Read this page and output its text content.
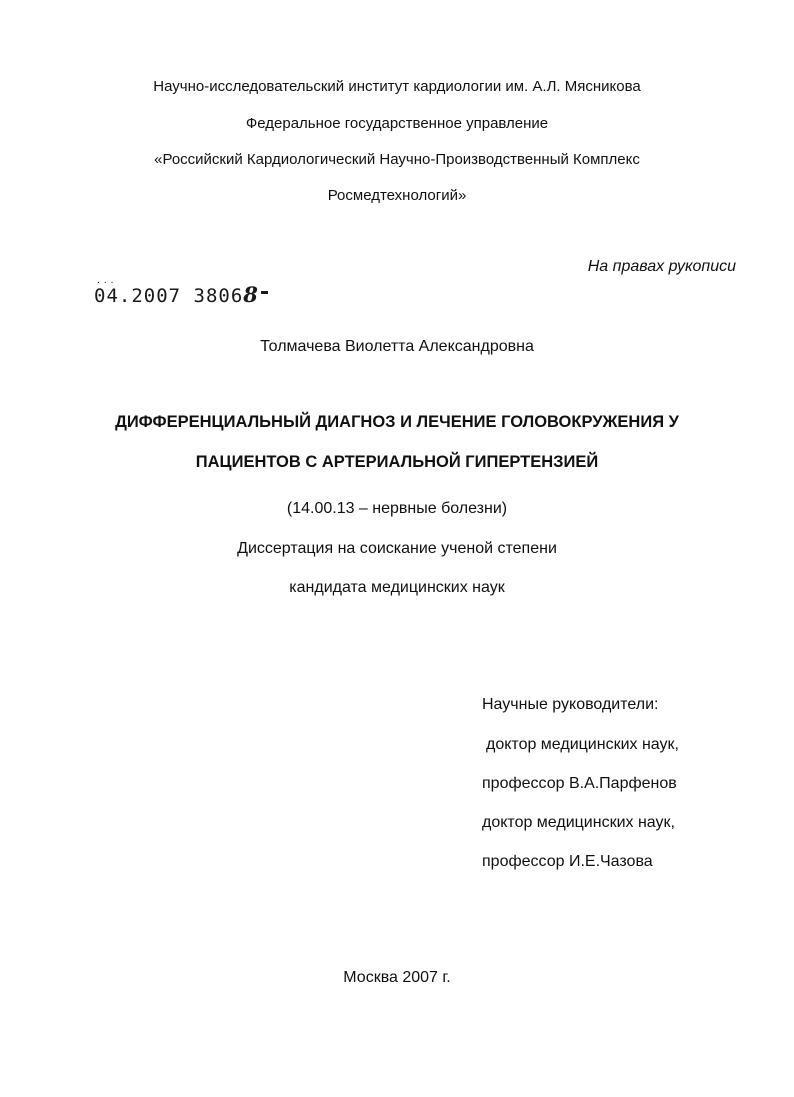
Научно-исследовательский институт кардиологии им. А.Л. Мясникова
Федеральное государственное управление
«Российский Кардиологический Научно-Производственный Комплекс
Росмедтехнологий»
На правах рукописи
...
04.2007 38068
Толмачева Виолетта Александровна
ДИФФЕРЕНЦИАЛЬНЫЙ ДИАГНОЗ И ЛЕЧЕНИЕ ГОЛОВОКРУЖЕНИЯ У
ПАЦИЕНТОВ С АРТЕРИАЛЬНОЙ ГИПЕРТЕНЗИЕЙ
(14.00.13 – нервные болезни)
Диссертация на соискание ученой степени
кандидата медицинских наук
Научные руководители:
доктор медицинских наук,
профессор В.А.Парфенов
доктор медицинских наук,
профессор И.Е.Чазова
Москва 2007 г.
